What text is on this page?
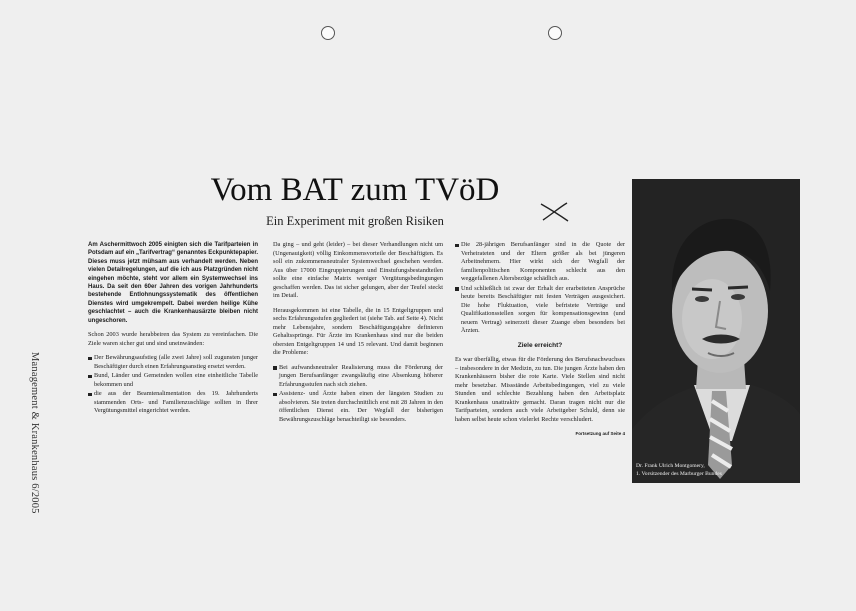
Management & Krankenhaus 6/2005
Vom BAT zum TVöD
Ein Experiment mit großen Risiken

Am Aschermittwoch 2005 einigten sich die Tarifparteien in Potsdam auf ein „Tarifvertrag“ genanntes Eckpunktepapier. Dieses muss jetzt mühsam aus verhandelt werden. Neben vielen Detailregelungen, auf die ich aus Platzgründen nicht eingehen möchte, steht vor allem ein Systemwechsel ins Haus. Da seit den 60er Jahren des vorigen Jahrhunderts bestehende Entlohnungssystematik des öffentlichen Dienstes wird umgekrempelt. Dabei werden heilige Kühe geschlachtet – auch die Krankenhausärzte bleiben nicht ungeschoren.

Schon 2003 wurde herabbeiren das System zu vereinfachen. Die Ziele waren sicher gut und sind uneinwänden:

Der Bewährungsaufstieg (alle zwei Jahre) soll zugunsten junger Beschäftigter durch einen Erfahrungsanstieg ersetzt werden.
Bund, Länder und Gemeinden wollen eine einheitliche Tabelle bekommen und
die aus der Beamtenalimentation des 19. Jahrhunderts stammenden Orts- und Familienzuschläge sollten in Ihrer Vergütungsmittel eingerichtet werden.

Da ging – und geht (leider) – bei dieser Verhandlungen nicht um (Ungenauigkeit) völlig Einkommensvorteile der Beschäftigten. Es soll ein zukommensneutraler Systemwechsel geschehen werden. Aus über 17000 Eingruppierungen und Einstufungsbestandteilen sollte eine einfache Matrix weniger Vergütungsbedingungen geschaffen werden. Das ist sicher gelungen, aber der Teufel steckt im Detail.

Herausgekommen ist eine Tabelle, die in 15 Entgeltgruppen und sechs Erfahrungsstufen gegliedert ist (siehe Tab. auf Seite 4). Nicht mehr Lebensjahre, sondern Beschäftigungsjahre definieren Gehaltssprünge. Für Ärzte im Krankenhaus sind nur die beiden obersten Entgeltgruppen 14 und 15 relevant. Und damit beginnen die Probleme:

Bei aufwandsneutraler Realisierung muss die Förderung der jungen Berufsanfänger zwangsläufig eine Absenkung höherer Erfahrungsstufen nach sich ziehen.
Assistenz- und Ärzte haben einen der längsten Studien zu absolvieren. Sie treten durchschnittlich erst mit 28 Jahren in den öffentlichen Dienst ein. Der Wegfall der bisherigen Bewährungszuschläge benachteiligt sie besonders.
Die 28-jährigen Berufsanfänger sind in die Quote der Verheirateten und der Eltern größer als bei jüngeren Arbeitnehmern. Hier wirkt sich der Wegfall der familienpolitischen Komponenten schlecht aus den weggefallenen Altersbezüge schädlich aus.
Und schließlich ist zwar der Erhalt der erarbeiteten Ansprüche heute bereits Beschäftigter mit festen Verträgen ausgesichert. Die hohe Fluktuation, viele befristete Verträge und Qualifikationsstellen sorgen für kompensationsgewinn (und neuem Vertrag) seinerzeit dieser Zuange eben besonders bei Ärzten.
Ziele erreicht?

Es war überfällig, etwas für die Förderung des Berufsnachwuchses – insbesondere in der Medizin, zu tun. Die jungen Ärzte haben den Krankenhäusern bisher die rote Karte. Viele Stellen sind nicht mehr besetzbar. Missstände Arbeitsbedingungen, viel zu viele Stunden und schlechte Bezahlung haben den Arbeitsplatz Krankenhaus unattraktiv gemacht. Daran tragen nicht nur die Tarifparteien, sondern auch viele Arbeitgeber Schuld, denn sie haben selbst heute schon vielerlei Rechte verschludert.

Fortsetzung auf Seite 4
Dr. Frank Ulrich Montgomery,
1. Vorsitzender des Marburger Bundes
